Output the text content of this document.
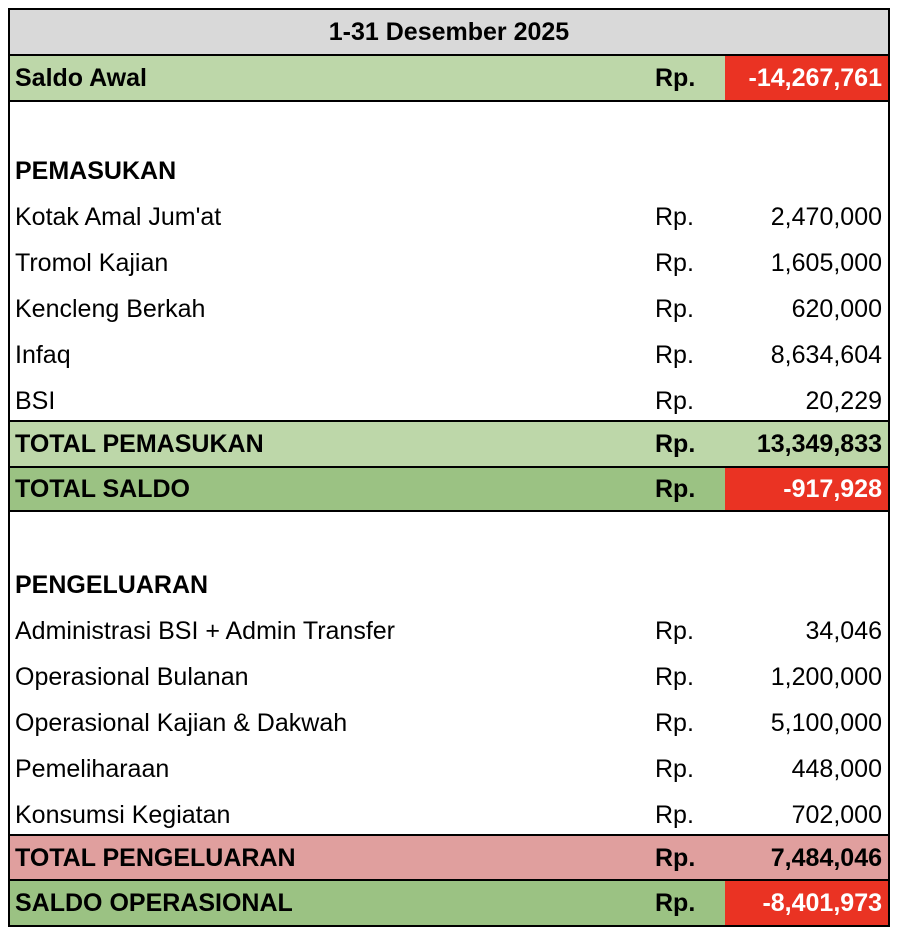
1-31 Desember 2025
Saldo Awal	Rp.	-14,267,761
PEMASUKAN
Kotak Amal Jum'at	Rp.	2,470,000
Tromol Kajian	Rp.	1,605,000
Kencleng Berkah	Rp.	620,000
Infaq	Rp.	8,634,604
BSI	Rp.	20,229
TOTAL PEMASUKAN	Rp.	13,349,833
TOTAL SALDO	Rp.	-917,928
PENGELUARAN
Administrasi BSI + Admin Transfer	Rp.	34,046
Operasional Bulanan	Rp.	1,200,000
Operasional Kajian & Dakwah	Rp.	5,100,000
Pemeliharaan	Rp.	448,000
Konsumsi Kegiatan	Rp.	702,000
TOTAL PENGELUARAN	Rp.	7,484,046
SALDO OPERASIONAL	Rp.	-8,401,973
